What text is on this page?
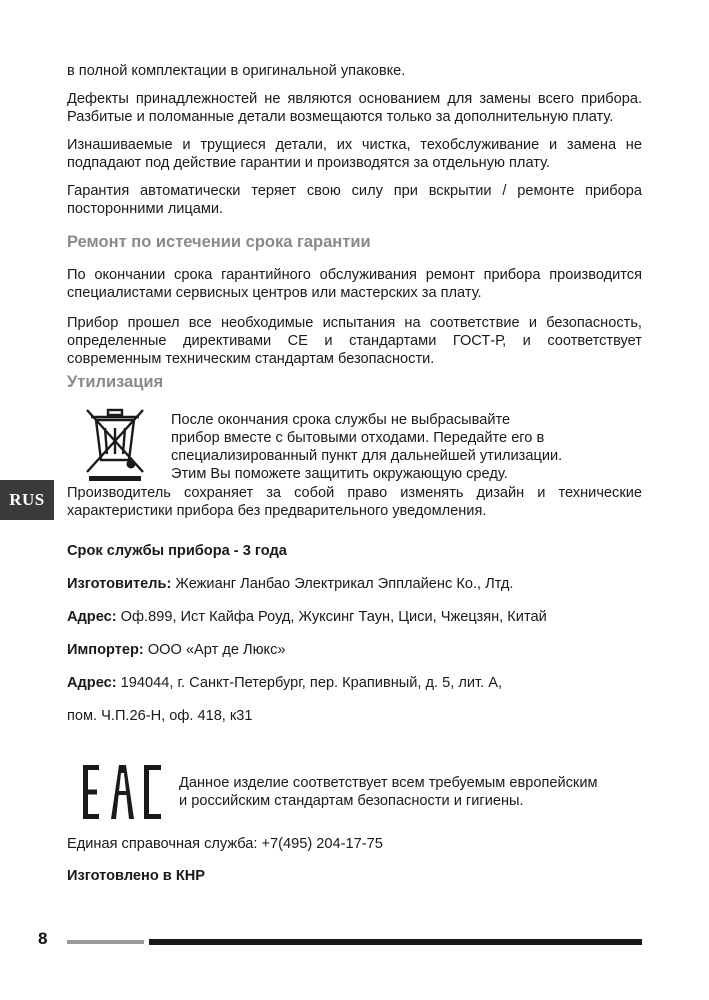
RUS

в полной комплектации в оригинальной упаковке.

Дефекты принадлежностей не являются основанием для замены всего прибора. Разбитые и поломанные детали возмещаются только за дополнительную плату.

Изнашиваемые и трущиеся детали, их чистка, техобслуживание и замена не подпадают под действие гарантии и производятся за отдельную плату.

Гарантия автоматически теряет свою силу при вскрытии / ремонте прибора посторонними лицами.

Ремонт по истечении срока гарантии

По окончании срока гарантийного обслуживания ремонт прибора производится специалистами сервисных центров или мастерских за плату.

Прибор прошел все необходимые испытания на соответствие и безопасность, определенные директивами CE и стандартами ГОСТ-Р, и соответствует современным техническим стандартам безопасности.

Утилизация

После окончания срока службы не выбрасывайте

прибор вместе с бытовыми отходами. Передайте его в

специализированный пункт для дальнейшей утилизации.

Этим Вы поможете защитить окружающую среду.

Производитель сохраняет за собой право изменять дизайн и технические характеристики прибора без предварительного уведомления.

Срок службы прибора - 3 года

Изготовитель: Жежианг Ланбао Электрикал Эпплайенс Ко., Лтд.

Адрес: Оф.899, Ист Кайфа Роуд, Жуксинг Таун, Циси, Чжецзян, Китай

Импортер: ООО «Арт де Люкс»

Адрес: 194044, г. Санкт-Петербург, пер. Крапивный, д. 5, лит. А,

пом. Ч.П.26-Н, оф. 418, к31

Данное изделие соответствует всем требуемым европейским

и российским стандартам безопасности и гигиены.

Единая справочная служба: +7(495) 204-17-75

Изготовлено в КНР

8
